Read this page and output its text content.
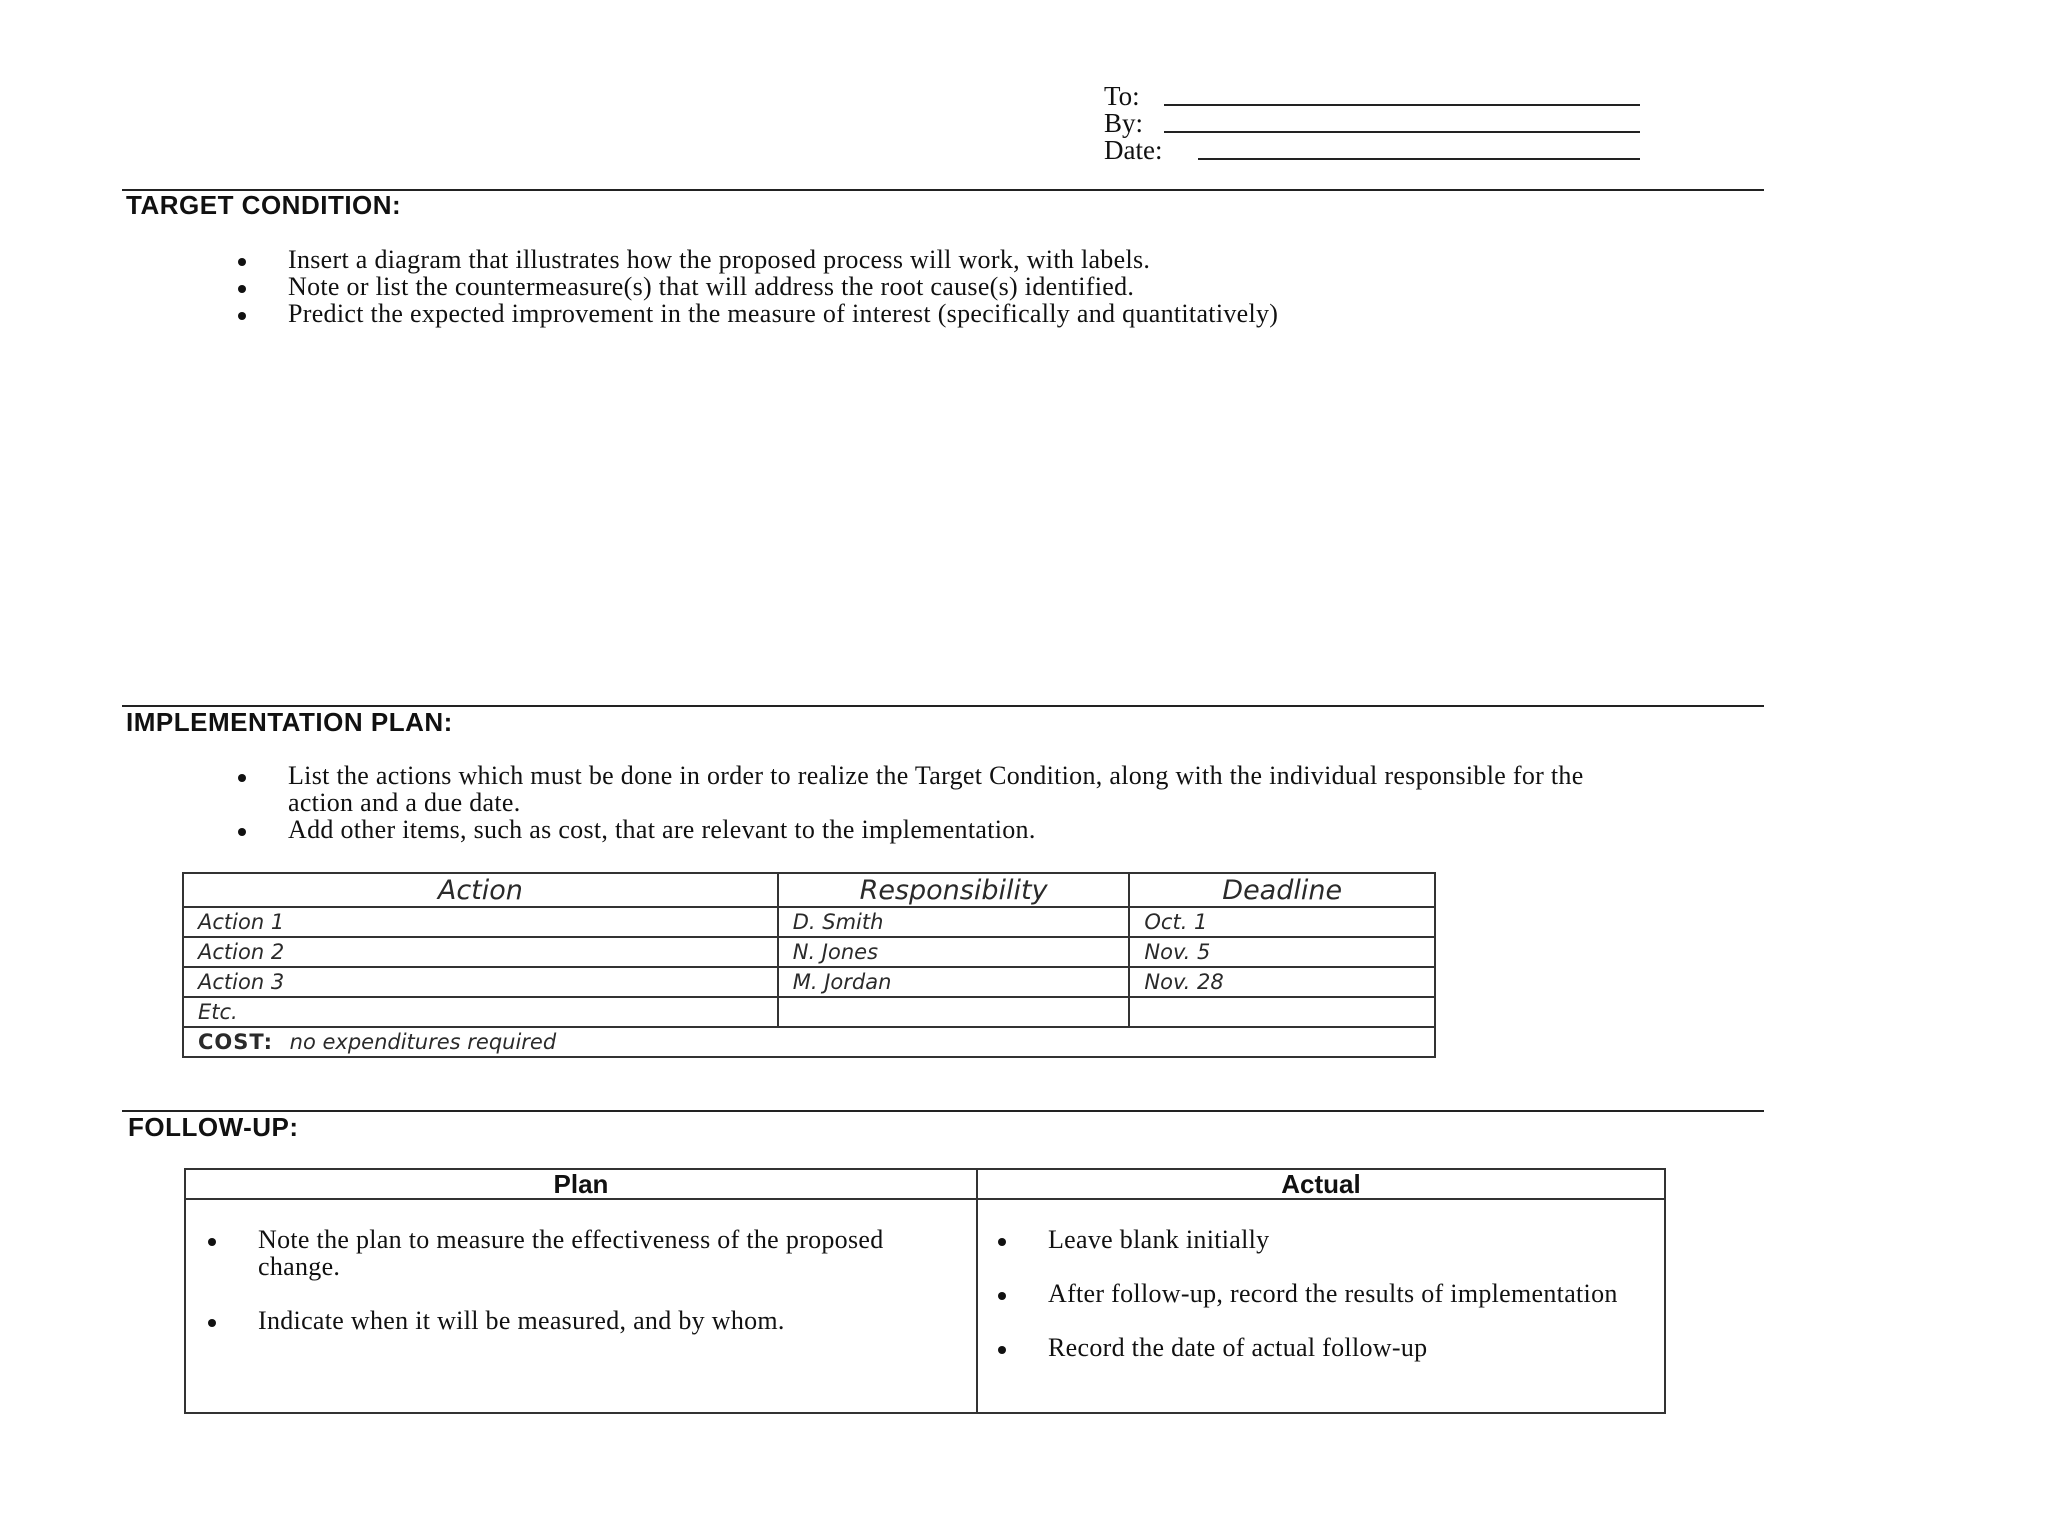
To:
By:
Date:
TARGET CONDITION:
Insert a diagram that illustrates how the proposed process will work, with labels.
Note or list the countermeasure(s) that will address the root cause(s) identified.
Predict the expected improvement in the measure of interest (specifically and quantitatively)
IMPLEMENTATION PLAN:
List the actions which must be done in order to realize the Target Condition, along with the individual responsible for the action and a due date.
Add other items, such as cost, that are relevant to the implementation.
Action	Responsibility	Deadline
Action 1	D. Smith	Oct. 1
Action 2	N. Jones	Nov. 5
Action 3	M. Jordan	Nov. 28
Etc.		
COST: no expenditures required		
FOLLOW-UP:
Plan	Actual
Note the plan to measure the effectiveness of the proposed change.
Indicate when it will be measured, and by whom.
Leave blank initially
After follow-up, record the results of implementation
Record the date of actual follow-up
